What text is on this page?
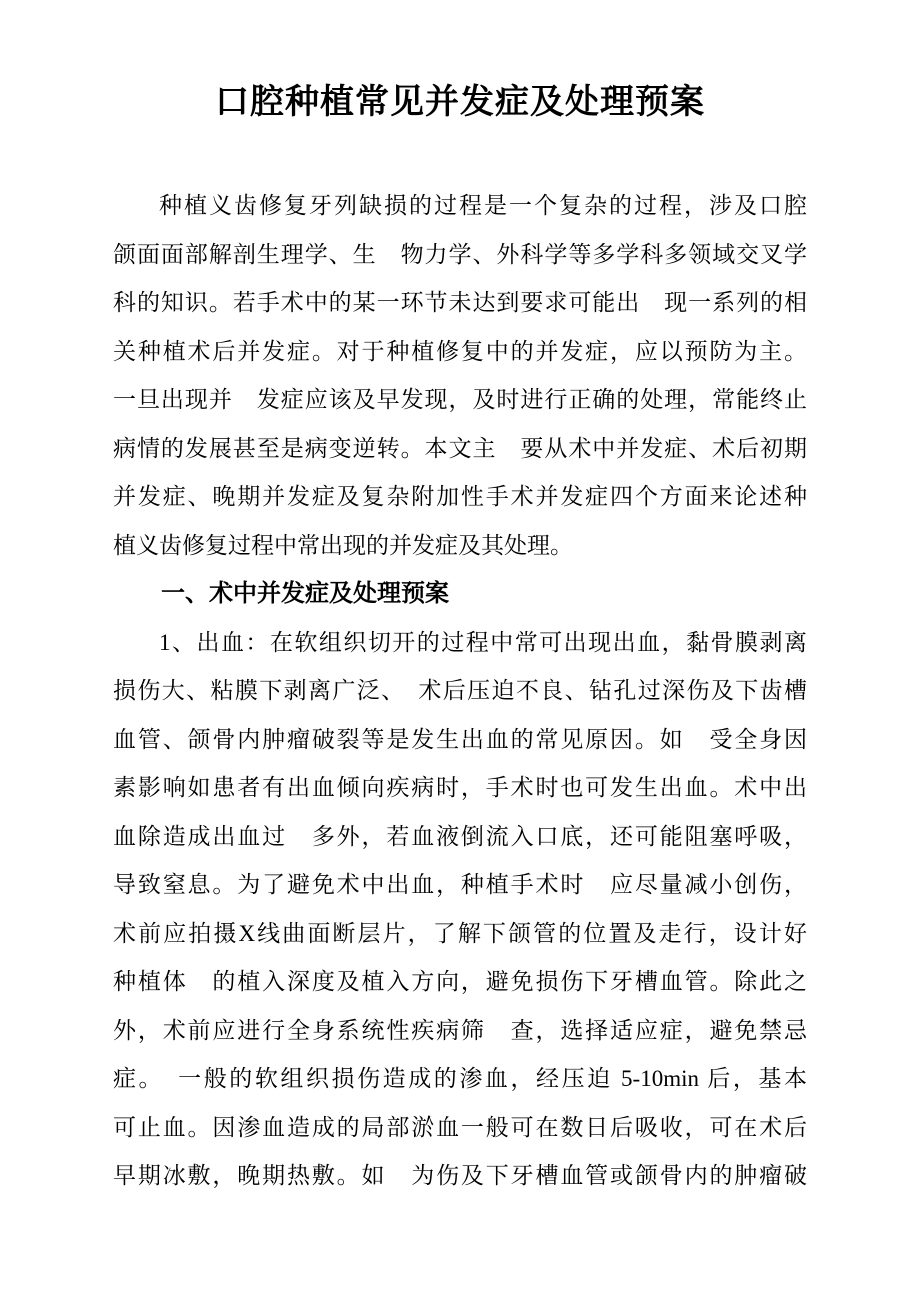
口腔种植常见并发症及处理预案
种植义齿修复牙列缺损的过程是一个复杂的过程，涉及口腔
颌面面部解剖生理学、生　物力学、外科学等多学科多领域交叉学
科的知识。若手术中的某一环节未达到要求可能出　现一系列的相
关种植术后并发症。对于种植修复中的并发症，应以预防为主。
一旦出现并　发症应该及早发现，及时进行正确的处理，常能终止
病情的发展甚至是病变逆转。本文主　要从术中并发症、术后初期
并发症、晚期并发症及复杂附加性手术并发症四个方面来论述种
植义齿修复过程中常出现的并发症及其处理。
一、术中并发症及处理预案
1、出血：在软组织切开的过程中常可出现出血，黏骨膜剥离
损伤大、粘膜下剥离广泛、　术后压迫不良、钻孔过深伤及下齿槽
血管、颌骨内肿瘤破裂等是发生出血的常见原因。如　受全身因
素影响如患者有出血倾向疾病时，手术时也可发生出血。术中出
血除造成出血过　多外，若血液倒流入口底，还可能阻塞呼吸，
导致窒息。为了避免术中出血，种植手术时　应尽量减小创伤，
术前应拍摄X线曲面断层片，了解下颌管的位置及走行，设计好
种植体　的植入深度及植入方向，避免损伤下牙槽血管。除此之
外，术前应进行全身系统性疾病筛　查，选择适应症，避免禁忌
症。　一般的软组织损伤造成的渗血，经压迫 5-10min 后，基本
可止血。因渗血造成的局部淤血一般可在数日后吸收，可在术后
早期冰敷，晚期热敷。如　为伤及下牙槽血管或颌骨内的肿瘤破
